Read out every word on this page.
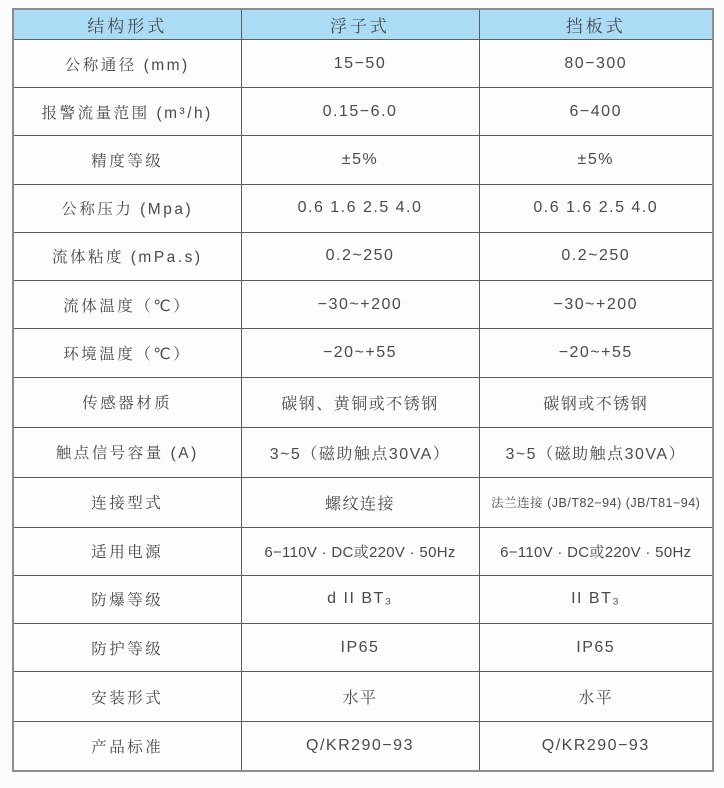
结构形式	浮子式	挡板式
公称通径 (mm)	15−50	80−300
报警流量范围 (m³/h)	0.15−6.0	6−400
精度等级	±5%	±5%
公称压力 (Mpa)	0.6 1.6 2.5 4.0	0.6 1.6 2.5 4.0
流体粘度 (mPa.s)	0.2~250	0.2~250
流体温度（℃）	−30~+200	−30~+200
环境温度（℃）	−20~+55	−20~+55
传感器材质	碳钢、黄铜或不锈钢	碳钢或不锈钢
触点信号容量 (A)	3~5（磁助触点30VA）	3~5（磁助触点30VA）
连接型式	螺纹连接	法兰连接 (JB/T82−94) (JB/T81−94)
适用电源	6−110V · DC或220V · 50Hz	6−110V · DC或220V · 50Hz
防爆等级	d II BT₃	II BT₃
防护等级	IP65	IP65
安装形式	水平	水平
产品标准	Q/KR290−93	Q/KR290−93
